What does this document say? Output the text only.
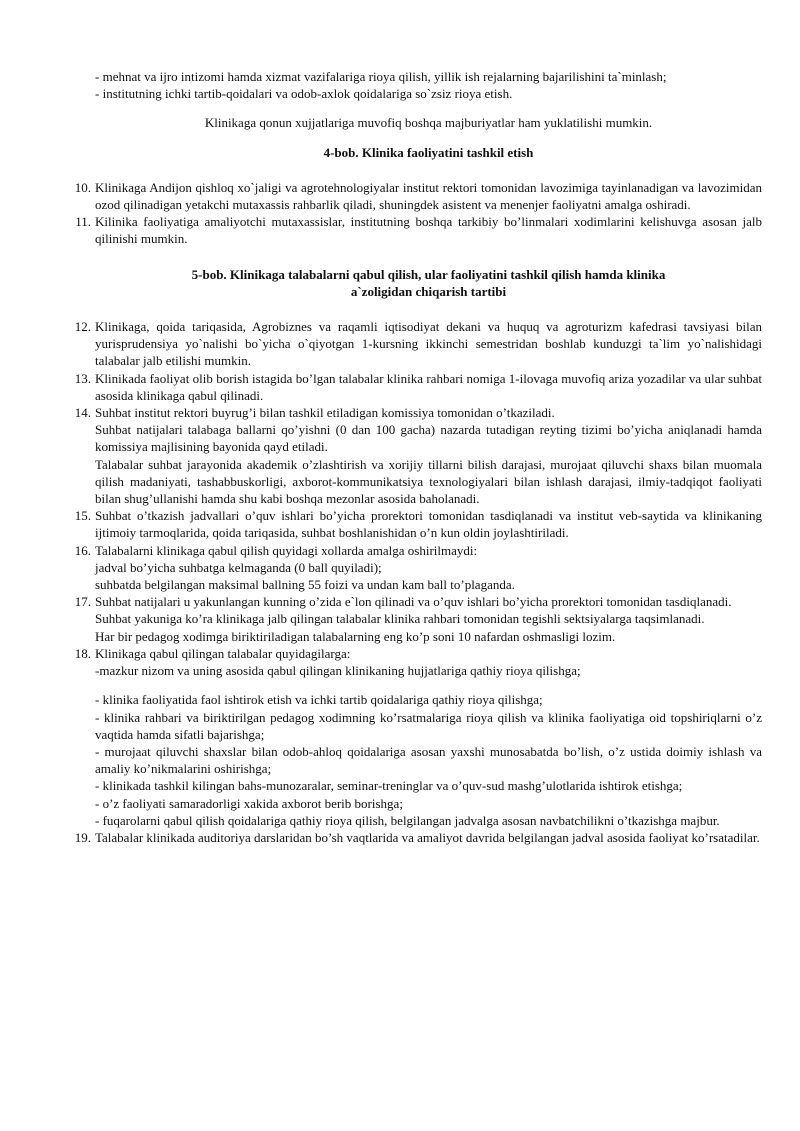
- mehnat va ijro intizomi hamda xizmat vazifalariga rioya qilish, yillik ish rejalarning bajarilishini ta`minlash;

- institutning ichki tartib-qoidalari va odob-axlok qoidalariga so`zsiz rioya etish.

Klinikaga qonun xujjatlariga muvofiq boshqa majburiyatlar ham yuklatilishi mumkin.

4-bob. Klinika faoliyatini tashkil etish

10. Klinikaga Andijon qishloq xo`jaligi va agrotehnologiyalar institut rektori tomonidan lavozimiga tayinlanadigan va lavozimidan ozod qilinadigan yetakchi mutaxassis rahbarlik qiladi, shuningdek asistent va menenjer faoliyatni amalga oshiradi.

11. Kilinika faoliyatiga amaliyotchi mutaxassislar, institutning boshqa tarkibiy bo’linmalari xodimlarini kelishuvga asosan jalb qilinishi mumkin.

5-bob. Klinikaga talabalarni qabul qilish, ular faoliyatini tashkil qilish hamda klinika

a`zoligidan chiqarish tartibi

12. Klinikaga, qoida tariqasida, Agrobiznes va raqamli iqtisodiyat dekani va huquq va agroturizm kafedrasi tavsiyasi bilan yurisprudensiya yo`nalishi bo`yicha o`qiyotgan 1-kursning ikkinchi semestridan boshlab kunduzgi ta`lim yo`nalishidagi talabalar jalb etilishi mumkin.

13. Klinikada faoliyat olib borish istagida bo’lgan talabalar klinika rahbari nomiga 1-ilovaga muvofiq ariza yozadilar va ular suhbat asosida klinikaga qabul qilinadi.

14. Suhbat institut rektori buyrug’i bilan tashkil etiladigan komissiya tomonidan o’tkaziladi.

Suhbat natijalari talabaga ballarni qo’yishni (0 dan 100 gacha) nazarda tutadigan reyting tizimi bo’yicha aniqlanadi hamda komissiya majlisining bayonida qayd etiladi.

Talabalar suhbat jarayonida akademik o’zlashtirish va xorijiy tillarni bilish darajasi, murojaat qiluvchi shaxs bilan muomala qilish madaniyati, tashabbuskorligi, axborot-kommunikatsiya texnologiyalari bilan ishlash darajasi, ilmiy-tadqiqot faoliyati bilan shug’ullanishi hamda shu kabi boshqa mezonlar asosida baholanadi.

15. Suhbat o’tkazish jadvallari o’quv ishlari bo’yicha prorektori tomonidan tasdiqlanadi va institut veb-saytida va klinikaning ijtimoiy tarmoqlarida, qoida tariqasida, suhbat boshlanishidan o’n kun oldin joylashtiriladi.

16. Talabalarni klinikaga qabul qilish quyidagi xollarda amalga oshirilmaydi:

jadval bo’yicha suhbatga kelmaganda (0 ball quyiladi);

suhbatda belgilangan maksimal ballning 55 foizi va undan kam ball to’plaganda.

17. Suhbat natijalari u yakunlangan kunning o’zida e`lon qilinadi va o’quv ishlari bo’yicha prorektori tomonidan tasdiqlanadi.

Suhbat yakuniga ko’ra klinikaga jalb qilingan talabalar klinika rahbari tomonidan tegishli sektsiyalarga taqsimlanadi.

Har bir pedagog xodimga biriktiriladigan talabalarning eng ko’p soni 10 nafardan oshmasligi lozim.

18. Klinikaga qabul qilingan talabalar quyidagilarga:

-mazkur nizom va uning asosida qabul qilingan klinikaning hujjatlariga qathiy rioya qilishga;

- klinika faoliyatida faol ishtirok etish va ichki tartib qoidalariga qathiy rioya qilishga;

- klinika rahbari va biriktirilgan pedagog xodimning ko’rsatmalariga rioya qilish va klinika faoliyatiga oid topshiriqlarni o’z vaqtida hamda sifatli bajarishga;

- murojaat qiluvchi shaxslar bilan odob-ahloq qoidalariga asosan yaxshi munosabatda bo’lish, o’z ustida doimiy ishlash va amaliy ko’nikmalarini oshirishga;

- klinikada tashkil kilingan bahs-munozaralar, seminar-treninglar va o’quv-sud mashg’ulotlarida ishtirok etishga;

- o’z faoliyati samaradorligi xakida axborot berib borishga;

- fuqarolarni qabul qilish qoidalariga qathiy rioya qilish, belgilangan jadvalga asosan navbatchilikni o’tkazishga majbur.

19. Talabalar klinikada auditoriya darslaridan bo’sh vaqtlarida va amaliyot davrida belgilangan jadval asosida faoliyat ko’rsatadilar.
